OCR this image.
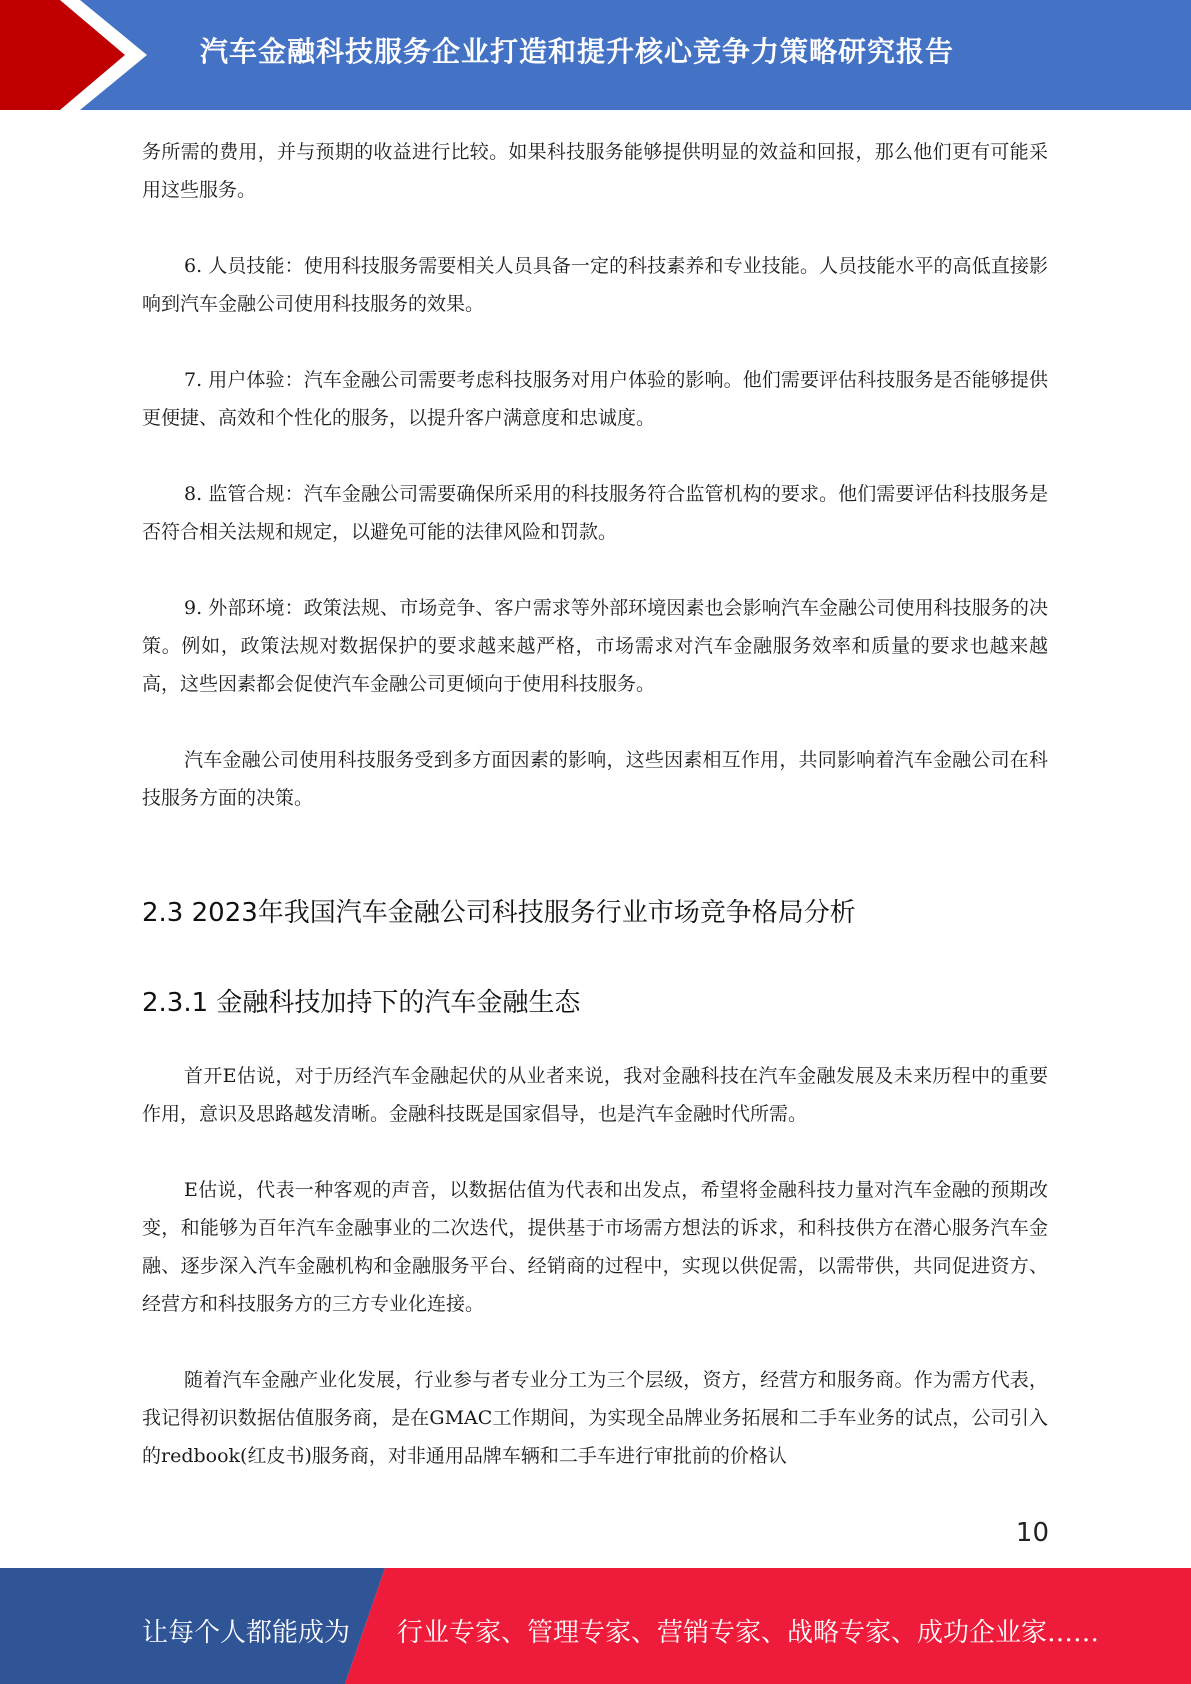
汽车金融科技服务企业打造和提升核心竞争力策略研究报告

务所需的费用，并与预期的收益进行比较。如果科技服务能够提供明显的效益和回报，那么他们更有可能采用这些服务。

6. 人员技能：使用科技服务需要相关人员具备一定的科技素养和专业技能。人员技能水平的高低直接影响到汽车金融公司使用科技服务的效果。

7. 用户体验：汽车金融公司需要考虑科技服务对用户体验的影响。他们需要评估科技服务是否能够提供更便捷、高效和个性化的服务，以提升客户满意度和忠诚度。

8. 监管合规：汽车金融公司需要确保所采用的科技服务符合监管机构的要求。他们需要评估科技服务是否符合相关法规和规定，以避免可能的法律风险和罚款。

9. 外部环境：政策法规、市场竞争、客户需求等外部环境因素也会影响汽车金融公司使用科技服务的决策。例如，政策法规对数据保护的要求越来越严格，市场需求对汽车金融服务效率和质量的要求也越来越高，这些因素都会促使汽车金融公司更倾向于使用科技服务。

汽车金融公司使用科技服务受到多方面因素的影响，这些因素相互作用，共同影响着汽车金融公司在科技服务方面的决策。

2.3 2023年我国汽车金融公司科技服务行业市场竞争格局分析
2.3.1 金融科技加持下的汽车金融生态

首开E估说，对于历经汽车金融起伏的从业者来说，我对金融科技在汽车金融发展及未来历程中的重要作用，意识及思路越发清晰。金融科技既是国家倡导，也是汽车金融时代所需。

E估说，代表一种客观的声音，以数据估值为代表和出发点，希望将金融科技力量对汽车金融的预期改变，和能够为百年汽车金融事业的二次迭代，提供基于市场需方想法的诉求，和科技供方在潜心服务汽车金融、逐步深入汽车金融机构和金融服务平台、经销商的过程中，实现以供促需，以需带供，共同促进资方、经营方和科技服务方的三方专业化连接。

随着汽车金融产业化发展，行业参与者专业分工为三个层级，资方，经营方和服务商。作为需方代表，我记得初识数据估值服务商，是在GMAC工作期间，为实现全品牌业务拓展和二手车业务的试点，公司引入的redbook(红皮书)服务商，对非通用品牌车辆和二手车进行审批前的价格认

10
让每个人都能成为 行业专家、管理专家、营销专家、战略专家、成功企业家……
